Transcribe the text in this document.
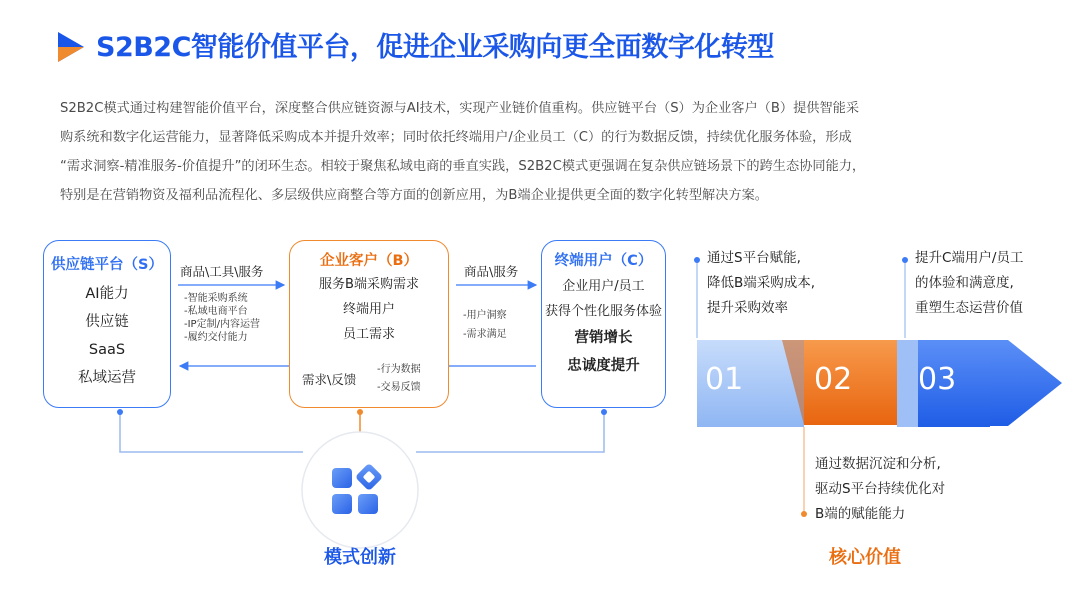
S2B2C智能价值平台，促进企业采购向更全面数字化转型

S2B2C模式通过构建智能价值平台，深度整合供应链资源与AI技术，实现产业链价值重构。供应链平台（S）为企业客户（B）提供智能采

购系统和数字化运营能力，显著降低采购成本并提升效率；同时依托终端用户/企业员工（C）的行为数据反馈，持续优化服务体验，形成

“需求洞察-精准服务-价值提升”的闭环生态。相较于聚焦私域电商的垂直实践，S2B2C模式更强调在复杂供应链场景下的跨生态协同能力，

特别是在营销物资及福利品流程化、多层级供应商整合等方面的创新应用，为B端企业提供更全面的数字化转型解决方案。

供应链平台（S）
AI能力
供应链
SaaS
私域运营
企业客户（B）
服务B端采购需求
终端用户
员工需求
需求\反馈
-行为数据
-交易反馈
终端用户（C）
企业用户/员工
获得个性化服务体验
营销增长
忠诚度提升
商品\工具\服务
-智能采购系统
-私域电商平台
-IP定制/内容运营
-履约交付能力
商品\服务
-用户洞察
-需求满足
模式创新
01 02 03
通过S平台赋能,
降低B端采购成本,
提升采购效率
提升C端用户/员工
的体验和满意度,
重塑生态运营价值
通过数据沉淀和分析,
驱动S平台持续优化对
B端的赋能能力
核心价值
